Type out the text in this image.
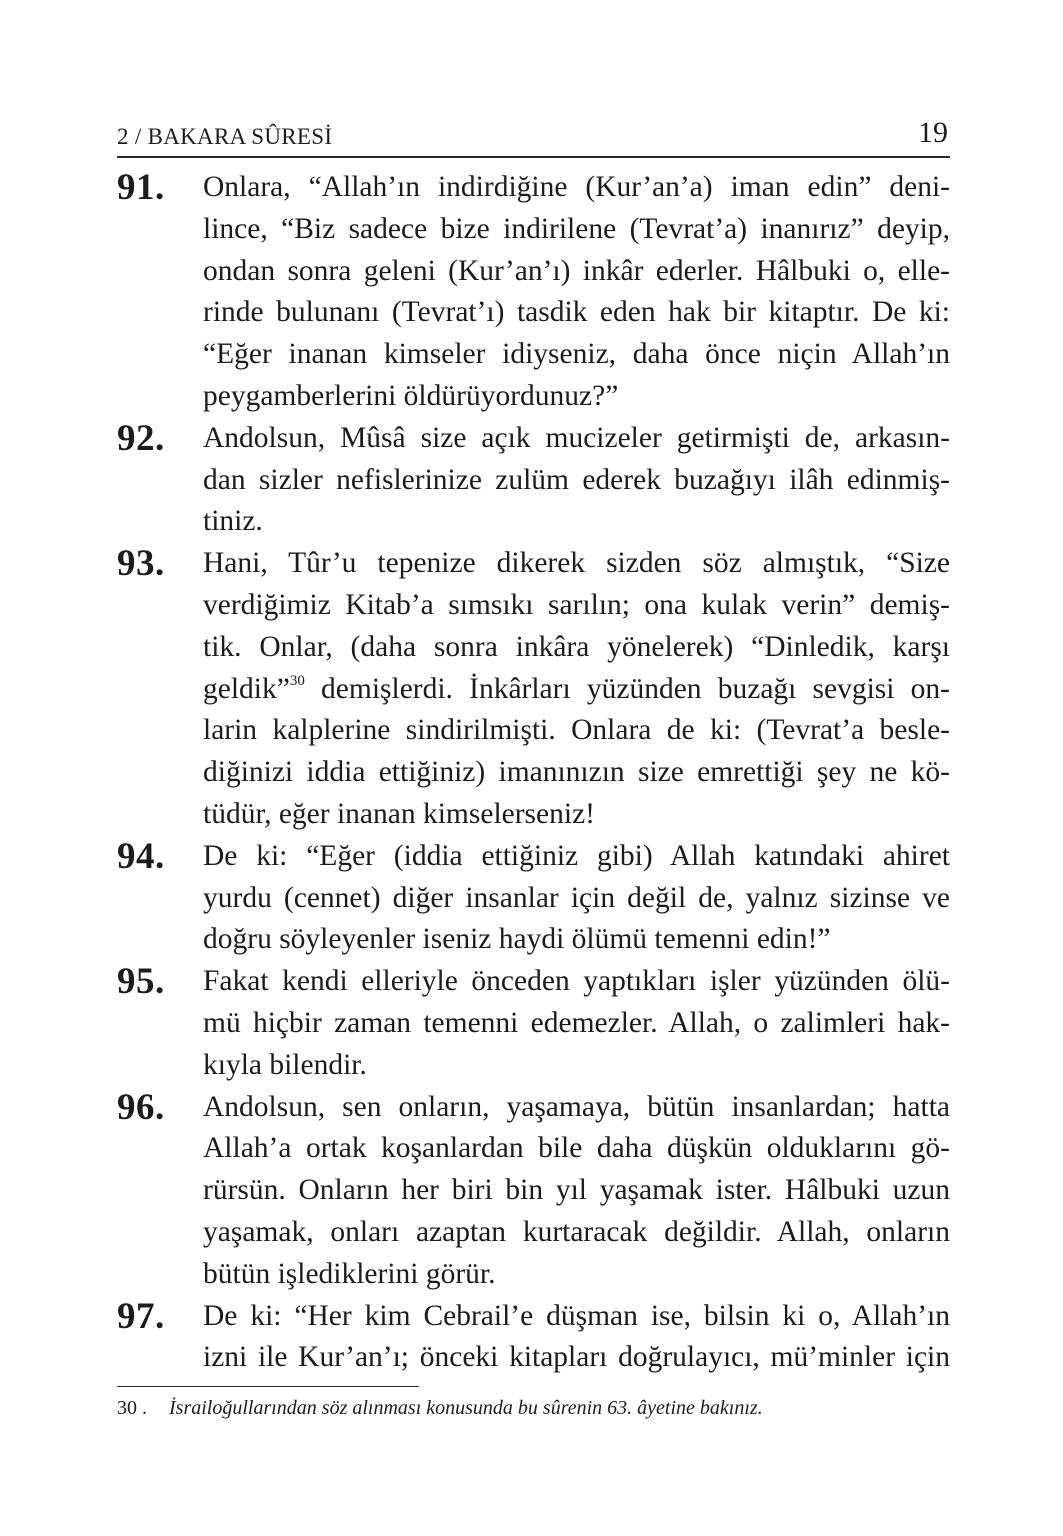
2 / BAKARA SÛRESİ	19
91. Onlara, “Allah’ın indirdiğine (Kur’an’a) iman edin” deni-
lince, “Biz sadece bize indirilene (Tevrat’a) inanırız” deyip,
ondan sonra geleni (Kur’an’ı) inkâr ederler. Hâlbuki o, elle-
rinde bulunanı (Tevrat’ı) tasdik eden hak bir kitaptır. De ki:
“Eğer inanan kimseler idiyseniz, daha önce niçin Allah’ın
peygamberlerini öldürüyordunuz?”
92. Andolsun, Mûsâ size açık mucizeler getirmişti de, arkasın-
dan sizler nefislerinize zulüm ederek buzağıyı ilâh edinmiş-
tiniz.
93. Hani, Tûr’u tepenize dikerek sizden söz almıştık, “Size
verdiğimiz Kitab’a sımsıkı sarılın; ona kulak verin” demiş-
tik. Onlar, (daha sonra inkâra yönelerek) “Dinledik, karşı
geldik”$^{30}$ demişlerdi. İnkârları yüzünden buzağı sevgisi on-
larin kalplerine sindirilmişti. Onlara de ki: (Tevrat’a besle-
diğinizi iddia ettiğiniz) imanınızın size emrettiği şey ne kö-
tüdür, eğer inanan kimselerseniz!
94. De ki: “Eğer (iddia ettiğiniz gibi) Allah katındaki ahiret
yurdu (cennet) diğer insanlar için değil de, yalnız sizinse ve
doğru söyleyenler iseniz haydi ölümü temenni edin!”
95. Fakat kendi elleriyle önceden yaptıkları işler yüzünden ölü-
mü hiçbir zaman temenni edemezler. Allah, o zalimleri hak-
kıyla bilendir.
96. Andolsun, sen onların, yaşamaya, bütün insanlardan; hatta
Allah’a ortak koşanlardan bile daha düşkün olduklarını gö-
rürsün. Onların her biri bin yıl yaşamak ister. Hâlbuki uzun
yaşamak, onları azaptan kurtaracak değildir. Allah, onların
bütün işlediklerini görür.
97. De ki: “Her kim Cebrail’e düşman ise, bilsin ki o, Allah’ın
izni ile Kur’an’ı; önceki kitapları doğrulayıcı, mü’minler için
30 . İsrailoğullarından söz alınması konusunda bu sûrenin 63. âyetine bakınız.
